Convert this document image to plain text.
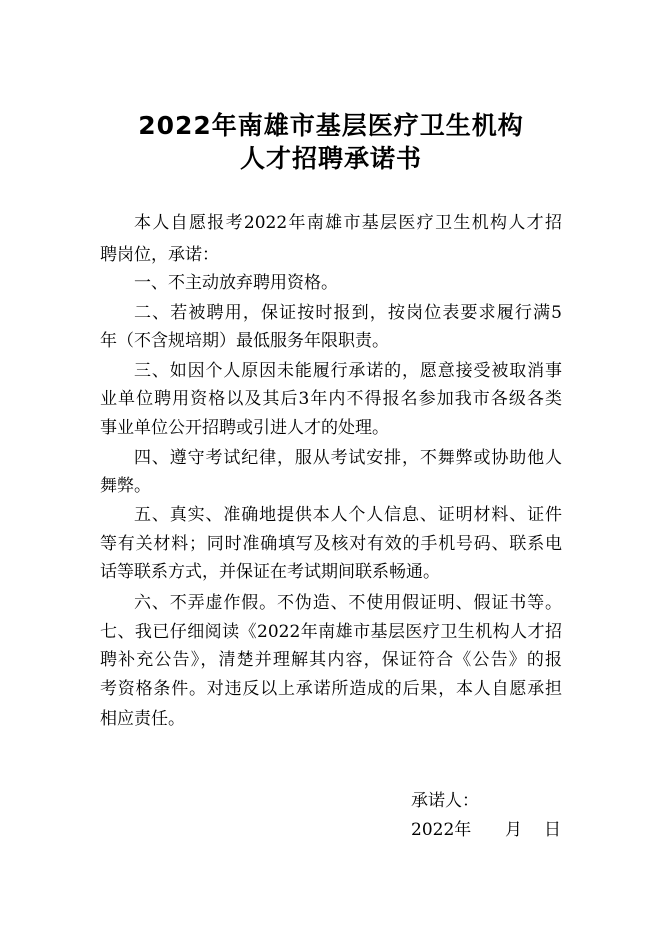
2022年南雄市基层医疗卫生机构
人才招聘承诺书
本人自愿报考2022年南雄市基层医疗卫生机构人才招
聘岗位，承诺：
一、不主动放弃聘用资格。
二、若被聘用，保证按时报到，按岗位表要求履行满5
年（不含规培期）最低服务年限职责。
三、如因个人原因未能履行承诺的，愿意接受被取消事
业单位聘用资格以及其后3年内不得报名参加我市各级各类
事业单位公开招聘或引进人才的处理。
四、遵守考试纪律，服从考试安排，不舞弊或协助他人
舞弊。
五、真实、准确地提供本人个人信息、证明材料、证件
等有关材料；同时准确填写及核对有效的手机号码、联系电
话等联系方式，并保证在考试期间联系畅通。
六、不弄虚作假。不伪造、不使用假证明、假证书等。
七、我已仔细阅读《2022年南雄市基层医疗卫生机构人才招
聘补充公告》，清楚并理解其内容，保证符合《公告》的报
考资格条件。对违反以上承诺所造成的后果，本人自愿承担
相应责任。
承诺人：
2022年 月 日
